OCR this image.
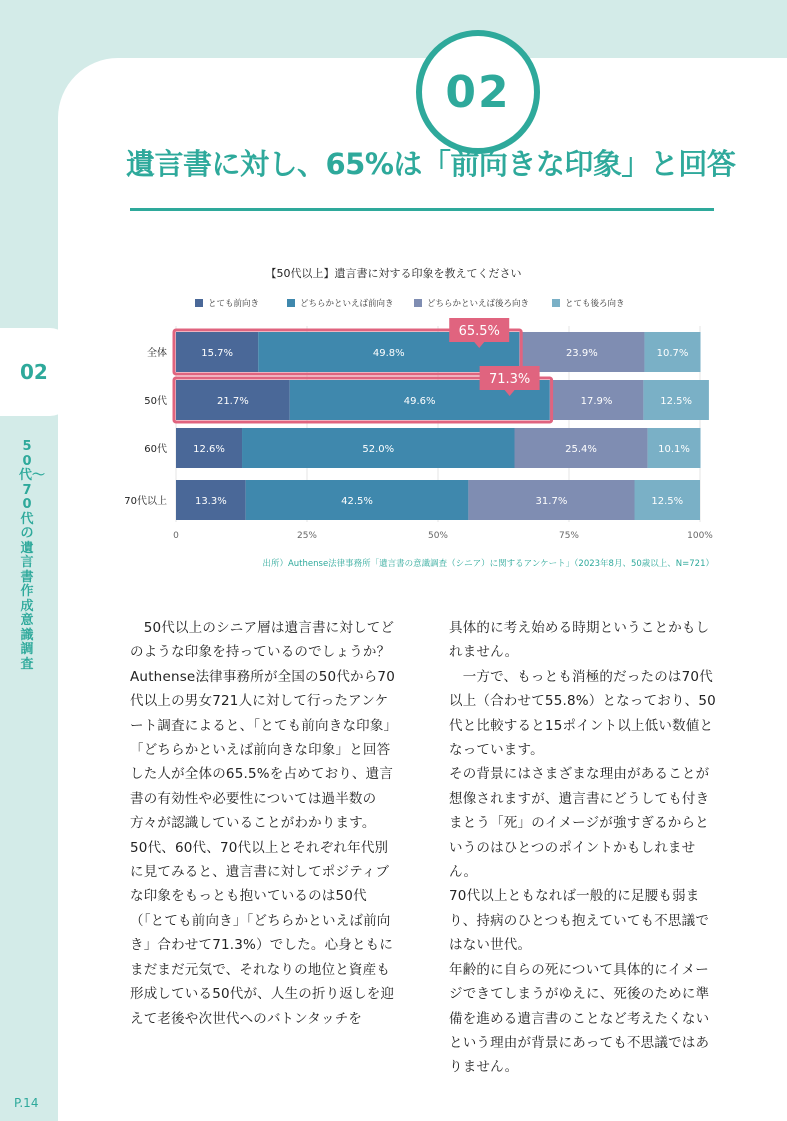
02
02
50代〜70代の遺言書作成意識調査
P.14
遺言書に対し、65%は「前向きな印象」と回答
【50代以上】遺言書に対する印象を教えてください
とても前向き	どちらかといえば前向き	どちらかといえば後ろ向き	とても後ろ向き
0	25%	50%	75%	100%
全体	15.7%	49.8%	23.9%	10.7%
50代	21.7%	49.6%	17.9%	12.5%
60代	12.6%	52.0%	25.4%	10.1%
70代以上	13.3%	42.5%	31.7%	12.5%
65.5%
71.3%
出所）Authense法律事務所「遺言書の意識調査（シニア）に関するアンケート」（2023年8月、50歳以上、N=721）

　50代以上のシニア層は遺言書に対してどのような印象を持っているのでしょうか？

Authense法律事務所が全国の50代から70代以上の男女721人に対して行ったアンケート調査によると、「とても前向きな印象」「どちらかといえば前向きな印象」と回答した人が全体の65.5%を占めており、遺言書の有効性や必要性については過半数の方々が認識していることがわかります。

50代、60代、70代以上とそれぞれ年代別に見てみると、遺言書に対してポジティブな印象をもっとも抱いているのは50代（「とても前向き」「どちらかといえば前向き」合わせて71.3%）でした。心身ともにまだまだ元気で、それなりの地位と資産も形成している50代が、人生の折り返しを迎えて老後や次世代へのバトンタッチを

具体的に考え始める時期ということかもしれません。

　一方で、もっとも消極的だったのは70代以上（合わせて55.8%）となっており、50代と比較すると15ポイント以上低い数値となっています。

その背景にはさまざまな理由があることが想像されますが、遺言書にどうしても付きまとう「死」のイメージが強すぎるからというのはひとつのポイントかもしれません。

70代以上ともなれば一般的に足腰も弱まり、持病のひとつも抱えていても不思議ではない世代。

年齢的に自らの死について具体的にイメージできてしまうがゆえに、死後のために準備を進める遺言書のことなど考えたくないという理由が背景にあっても不思議ではありません。
